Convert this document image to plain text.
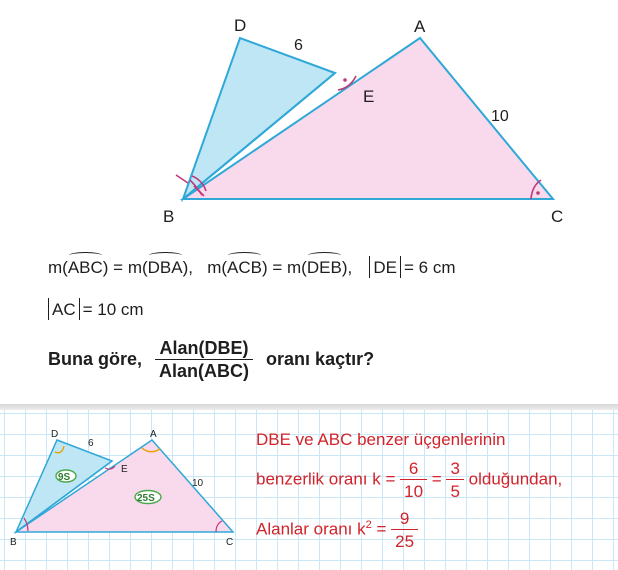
D	A
E
B	C
6
10
m(ABC) = m(DBA), m(ACB) = m(DEB), DE = 6 cm
AC = 10 cm
Buna göre, $\frac{\text{Alan(DBE)}}{\text{Alan(ABC)}}$ oranı kaçtır?
9S
25S
D	A
E
B	C
6
10
DBE ve ABC benzer üçgenlerinin
benzerlik oranı $k = \frac{6}{10} = \frac{3}{5}$ olduğundan,
Alanlar oranı $k^2 = \frac{9}{25}$
